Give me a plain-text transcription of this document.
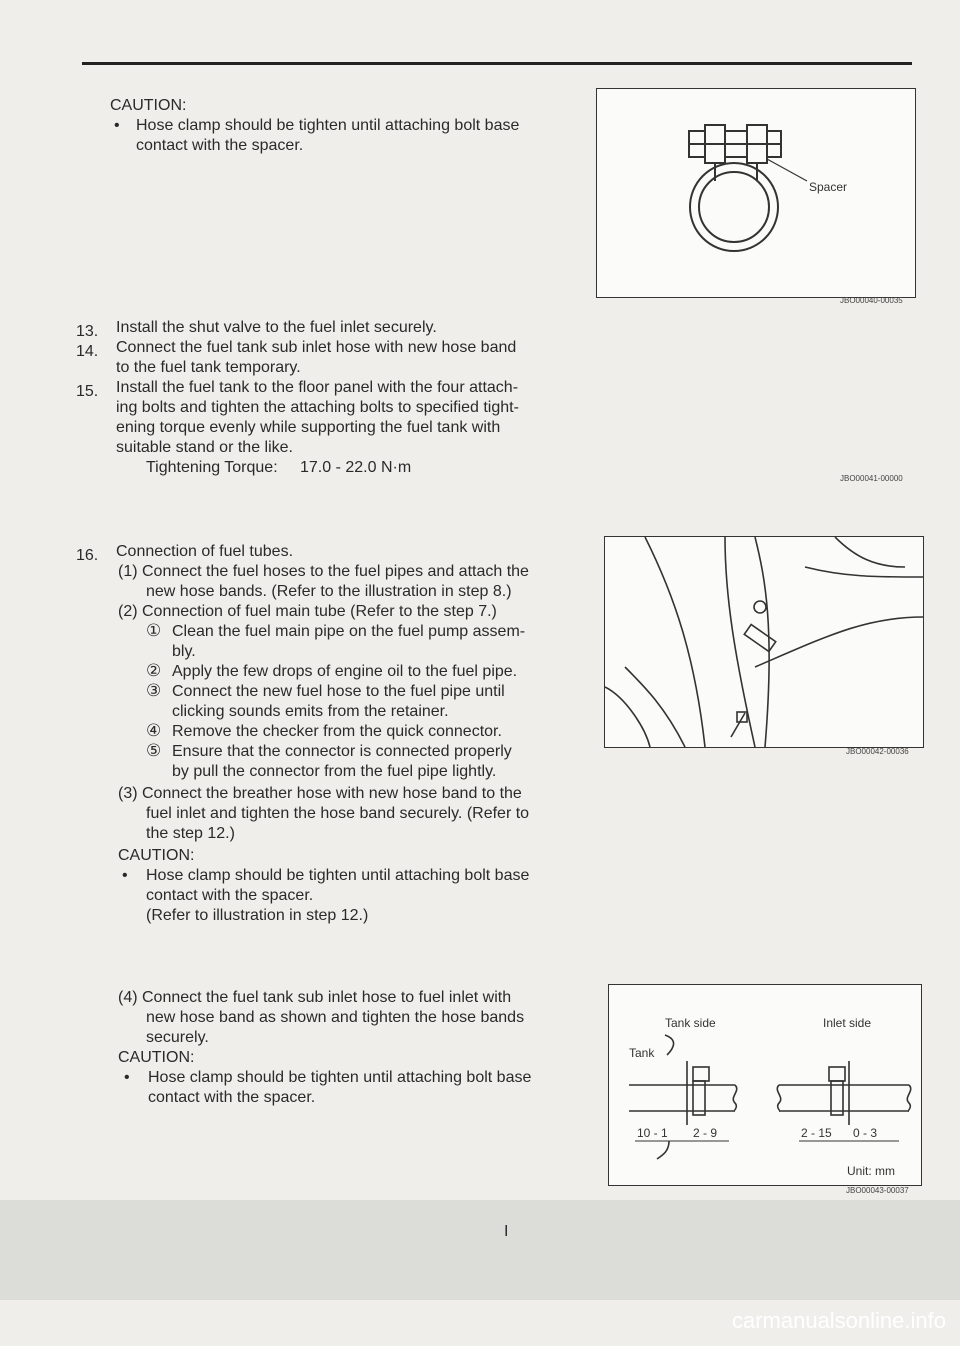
CAUTION:
• Hose clamp should be tighten until attaching bolt base
contact with the spacer.
Spacer
JBO00040-00035
13. Install the shut valve to the fuel inlet securely.
14. Connect the fuel tank sub inlet hose with new hose band
to the fuel tank temporary.
15. Install the fuel tank to the floor panel with the four attach-
ing bolts and tighten the attaching bolts to specified tight-
ening torque evenly while supporting the fuel tank with
suitable stand or the like.
Tightening Torque: 17.0 - 22.0 N·m
JBO00041-00000
16. Connection of fuel tubes.
(1) Connect the fuel hoses to the fuel pipes and attach the
new hose bands. (Refer to the illustration in step 8.)
(2) Connection of fuel main tube (Refer to the step 7.)
① Clean the fuel main pipe on the fuel pump assem-
bly.
② Apply the few drops of engine oil to the fuel pipe.
③ Connect the new fuel hose to the fuel pipe until
clicking sounds emits from the retainer.
④ Remove the checker from the quick connector.
⑤ Ensure that the connector is connected properly
by pull the connector from the fuel pipe lightly.
(3) Connect the breather hose with new hose band to the
fuel inlet and tighten the hose band securely. (Refer to
the step 12.)
CAUTION:
• Hose clamp should be tighten until attaching bolt base
contact with the spacer.
(Refer to illustration in step 12.)
(4) Connect the fuel tank sub inlet hose to fuel inlet with
new hose band as shown and tighten the hose bands
securely.
CAUTION:
• Hose clamp should be tighten until attaching bolt base
contact with the spacer.
JBO00042-00036
Tank side	Inlet side
Tank
10 - 1 2 - 9	2 - 15 0 - 3
Unit: mm
JBO00043-00037
I
carmanualsonline.info
